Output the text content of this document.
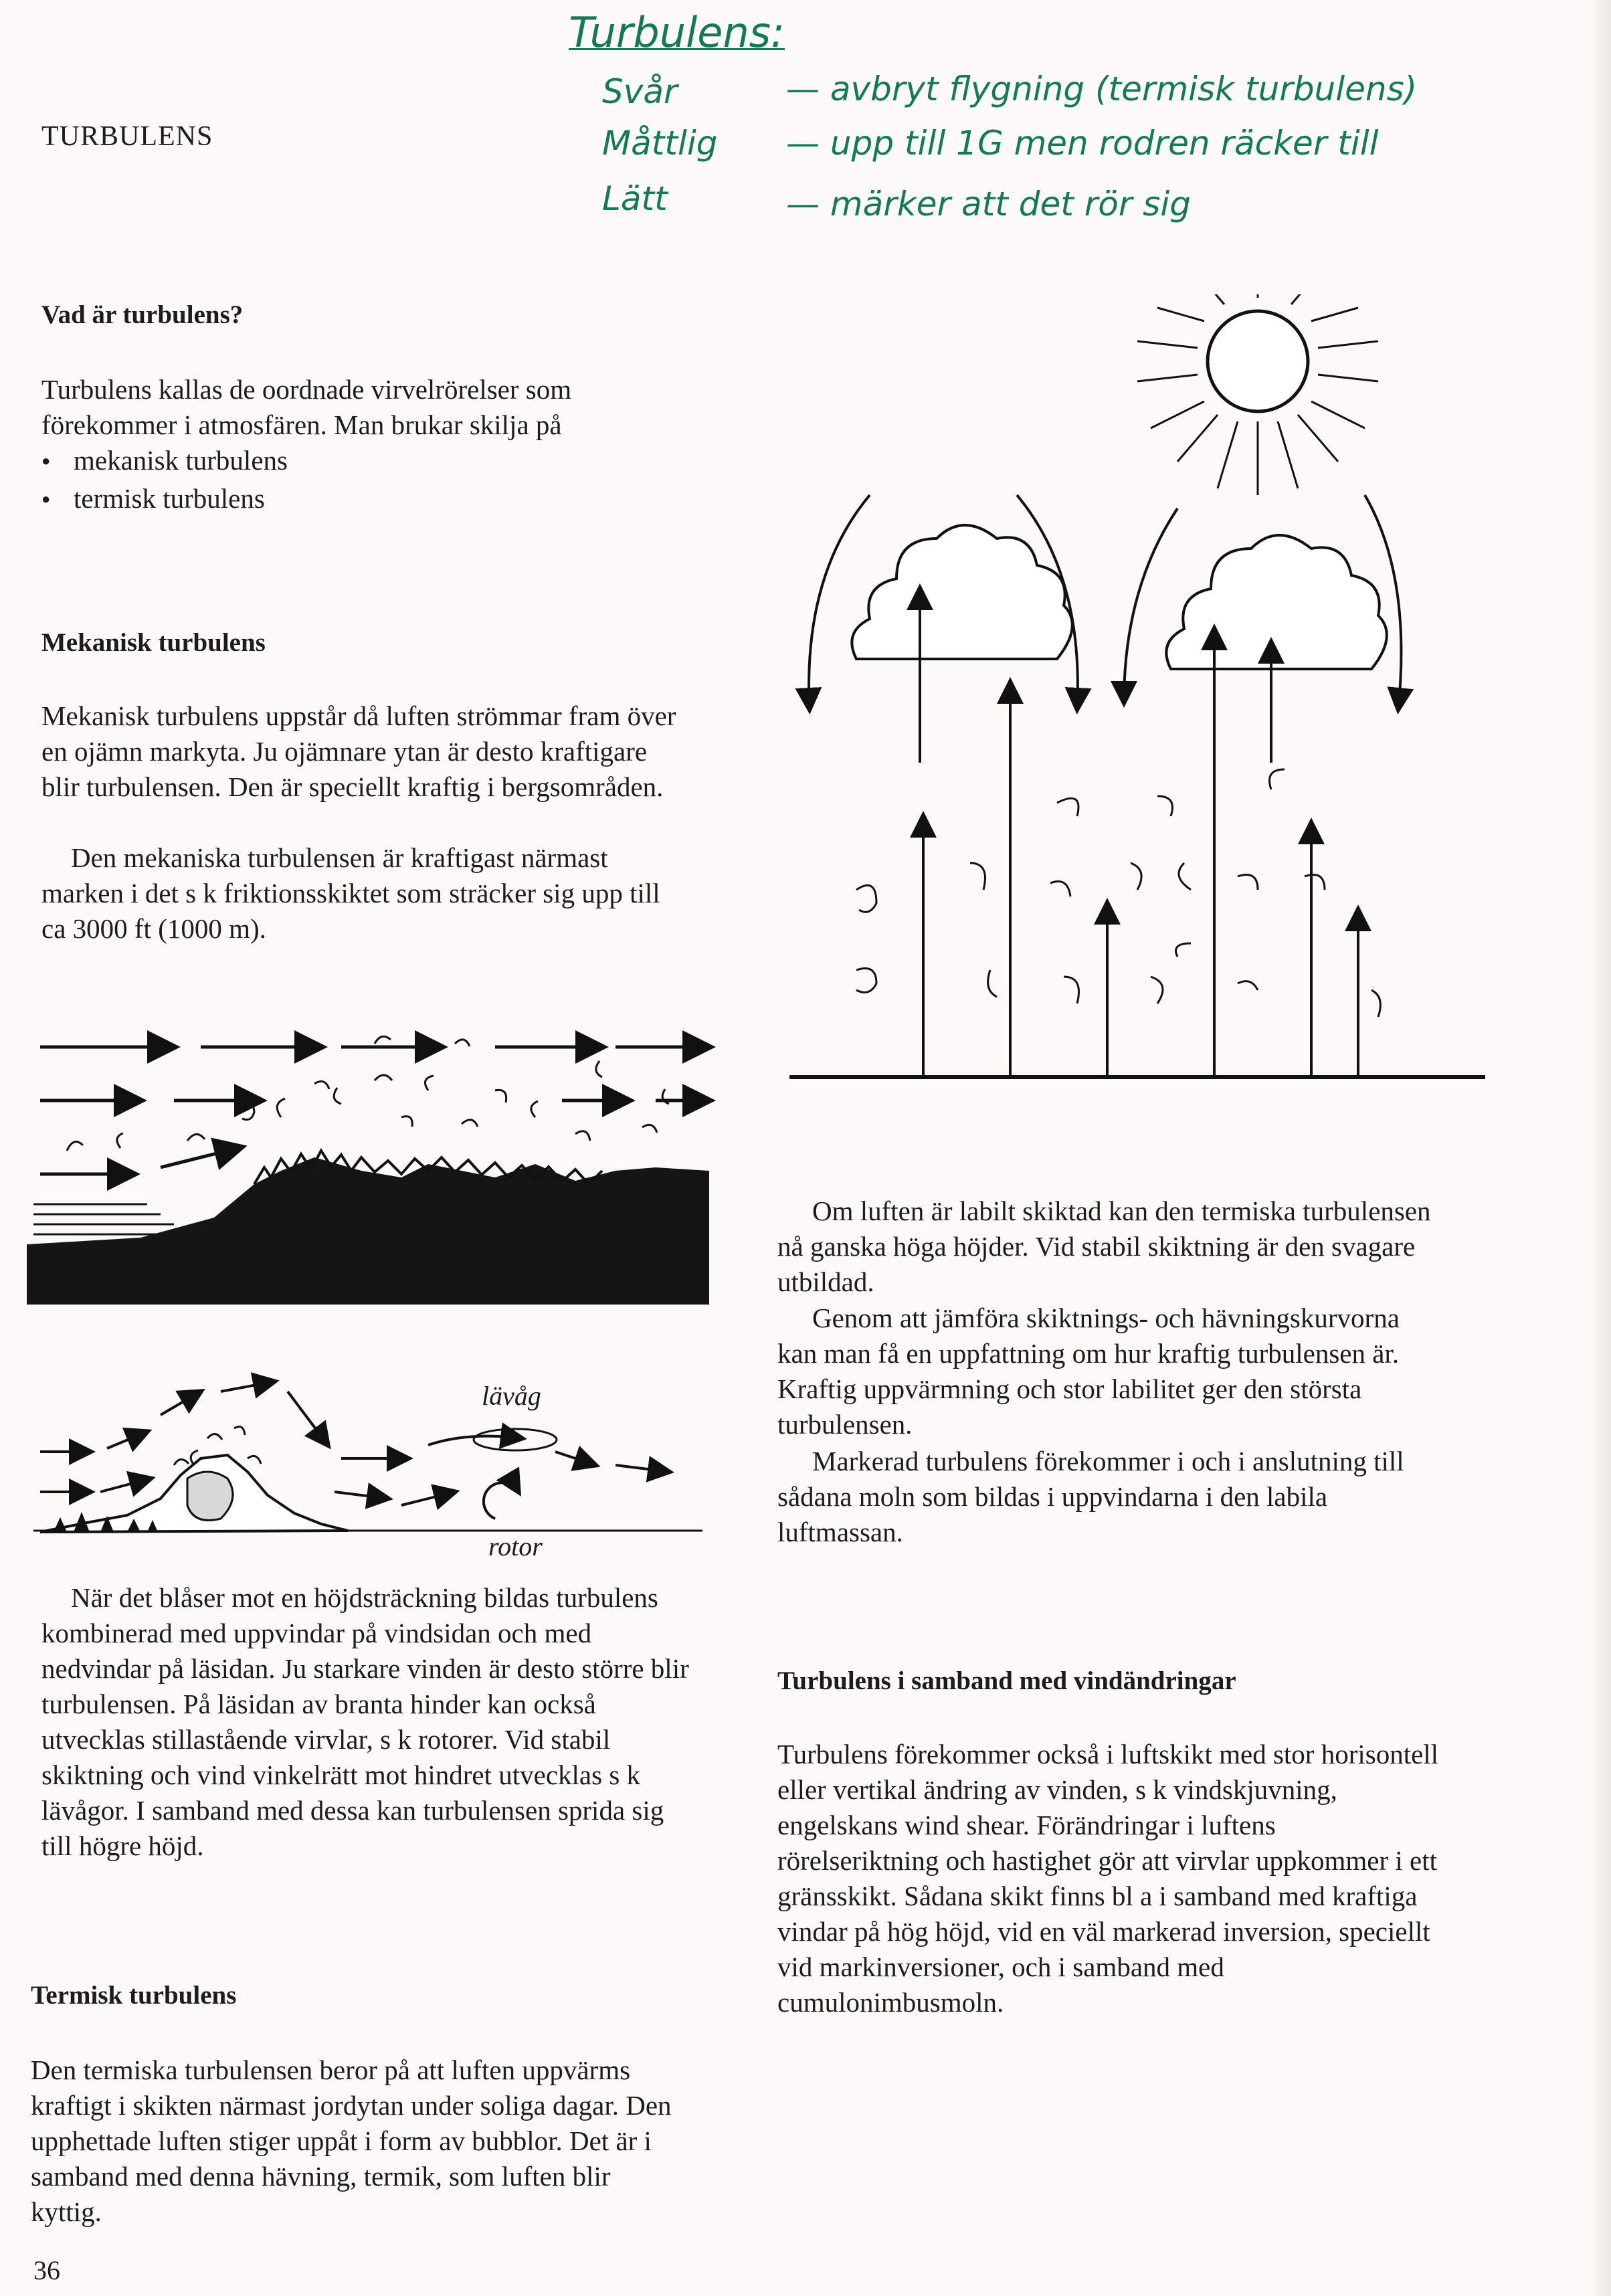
TURBULENS
Turbulens:
Svår	— avbryt flygning (termisk turbulens)
Måttlig — upp till 1G men rodren räcker till
Lätt	— märker att det rör sig
Vad är turbulens?

Turbulens kallas de oordnade virvelrörelser som förekommer i atmosfären. Man brukar skilja på

● mekanisk turbulens
● termisk turbulens
Mekanisk turbulens

Mekanisk turbulens uppstår då luften strömmar fram över en ojämn markyta. Ju ojämnare ytan är desto kraftigare blir turbulensen. Den är speciellt kraftig i bergsområden.

Den mekaniska turbulensen är kraftigast närmast marken i det s k friktionsskiktet som sträcker sig upp till ca 3000 ft (1000 m).

lävåg
rotor

När det blåser mot en höjdsträckning bildas turbulens kombinerad med uppvindar på vindsidan och med nedvindar på läsidan. Ju starkare vinden är desto större blir turbulensen. På läsidan av branta hinder kan också utvecklas stillastående virvlar, s k rotorer. Vid stabil skiktning och vind vinkelrätt mot hindret utvecklas s k lävågor. I samband med dessa kan turbulensen sprida sig till högre höjd.

Termisk turbulens

Den termiska turbulensen beror på att luften uppvärms kraftigt i skikten närmast jordytan under soliga dagar. Den upphettade luften stiger uppåt i form av bubblor. Det är i samband med denna hävning, termik, som luften blir kyttig.

36

Om luften är labilt skiktad kan den termiska turbulensen nå ganska höga höjder. Vid stabil skiktning är den svagare utbildad.

Genom att jämföra skiktnings- och hävningskurvorna kan man få en uppfattning om hur kraftig turbulensen är. Kraftig uppvärmning och stor labilitet ger den största turbulensen.

Markerad turbulens förekommer i och i anslutning till sådana moln som bildas i uppvindarna i den labila luftmassan.

Turbulens i samband med vindändringar

Turbulens förekommer också i luftskikt med stor horisontell eller vertikal ändring av vinden, s k vindskjuvning, engelskans wind shear. Förändringar i luftens rörelseriktning och hastighet gör att virvlar uppkommer i ett gränsskikt. Sådana skikt finns bl a i samband med kraftiga vindar på hög höjd, vid en väl markerad inversion, speciellt vid markinversioner, och i samband med cumulonimbusmoln.
